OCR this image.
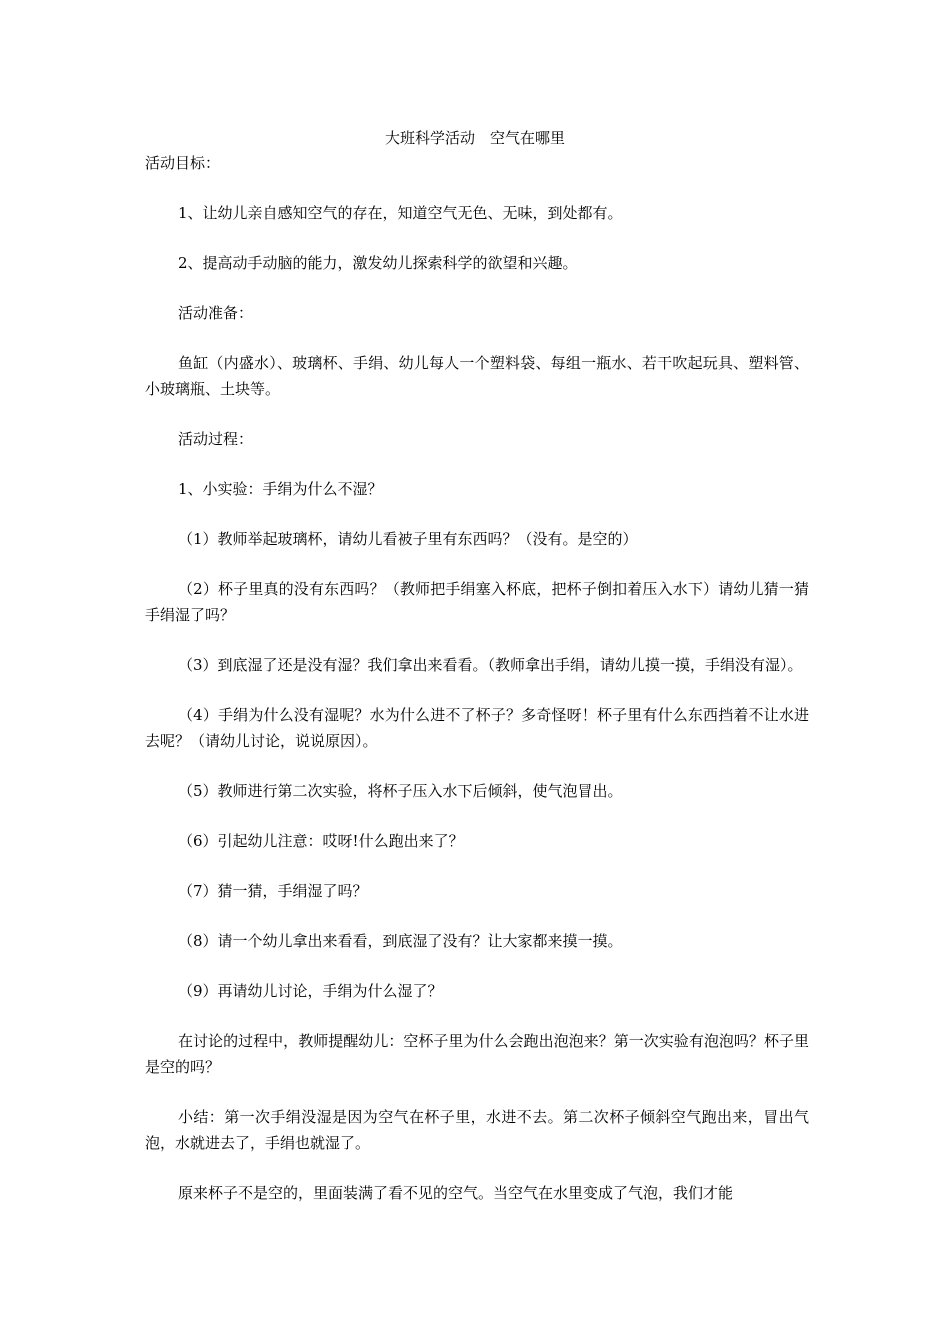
大班科学活动　空气在哪里

活动目标：

1、让幼儿亲自感知空气的存在，知道空气无色、无味，到处都有。

2、提高动手动脑的能力，激发幼儿探索科学的欲望和兴趣。

活动准备：

鱼缸（内盛水）、玻璃杯、手绢、幼儿每人一个塑料袋、每组一瓶水、若干吹起玩具、塑料管、小玻璃瓶、土块等。

活动过程：

1、小实验：手绢为什么不湿？

（1）教师举起玻璃杯，请幼儿看被子里有东西吗？（没有。是空的）

（2）杯子里真的没有东西吗？（教师把手绢塞入杯底，把杯子倒扣着压入水下）请幼儿猜一猜手绢湿了吗？

（3）到底湿了还是没有湿？我们拿出来看看。（教师拿出手绢，请幼儿摸一摸，手绢没有湿）。

（4）手绢为什么没有湿呢？水为什么进不了杯子？多奇怪呀！杯子里有什么东西挡着不让水进去呢？（请幼儿讨论，说说原因）。

（5）教师进行第二次实验，将杯子压入水下后倾斜，使气泡冒出。

（6）引起幼儿注意：哎呀!什么跑出来了？

（7）猜一猜，手绢湿了吗？

（8）请一个幼儿拿出来看看，到底湿了没有？让大家都来摸一摸。

（9）再请幼儿讨论，手绢为什么湿了？

在讨论的过程中，教师提醒幼儿：空杯子里为什么会跑出泡泡来？第一次实验有泡泡吗？杯子里是空的吗？

小结：第一次手绢没湿是因为空气在杯子里，水进不去。第二次杯子倾斜空气跑出来，冒出气泡，水就进去了，手绢也就湿了。

原来杯子不是空的，里面装满了看不见的空气。当空气在水里变成了气泡，我们才能
